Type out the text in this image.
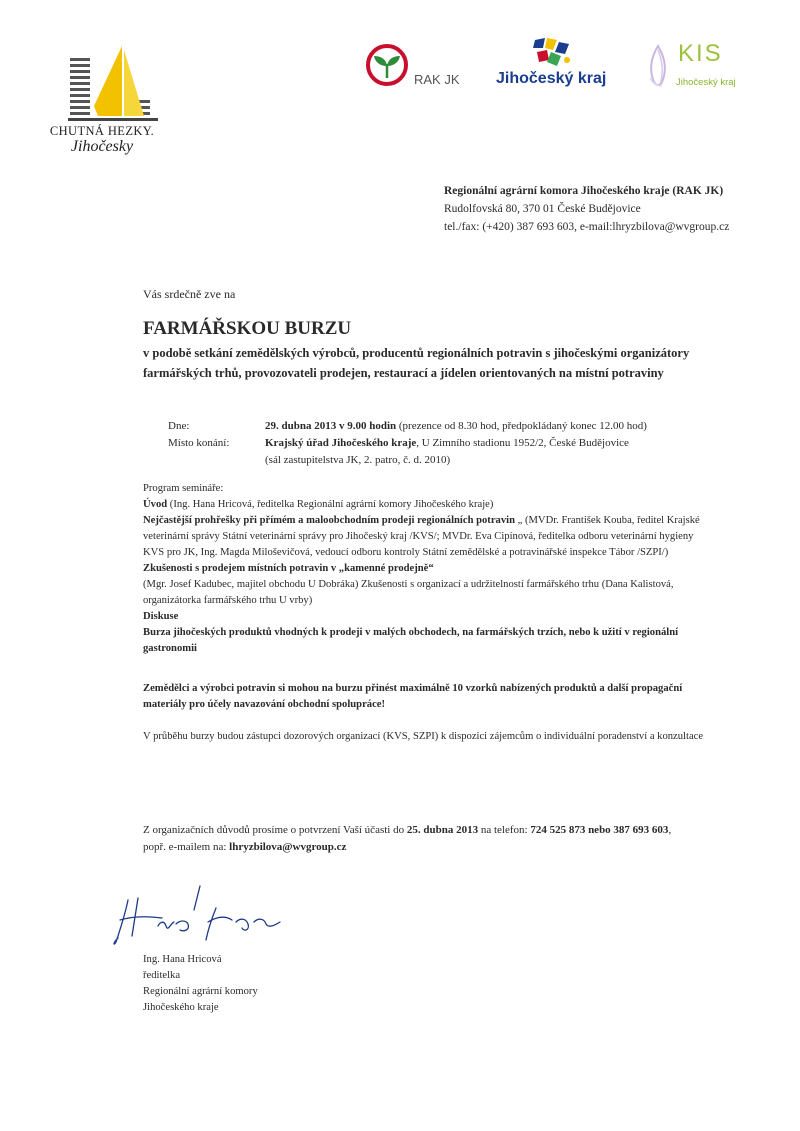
CHUTNÁ HEZKY.
Jihočesky
RAK JK Jihočeský kraj
KIS
Jihočeský kraj
Regionální agrární komora Jihočeského kraje (RAK JK)
Rudolfovská 80, 370 01 České Budějovice
tel./fax: (+420) 387 693 603, e-mail:lhryzbilova@wvgroup.cz
Vás srdečně zve na
FARMÁŘSKOU BURZU
v podobě setkání zemědělských výrobců, producentů regionálních potravin s jihočeskými organizátory
farmářských trhů, provozovateli prodejen, restaurací a jídelen orientovaných na místní potraviny
Dne:	29. dubna 2013 v 9.00 hodin (prezence od 8.30 hod, předpokládaný konec 12.00 hod)
Místo konání:	Krajský úřad Jihočeského kraje, U Zimního stadionu 1952/2, České Budějovice
(sál zastupitelstva JK, 2. patro, č. d. 2010)

Program semináře:

Úvod (Ing. Hana Hricová, ředitelka Regionální agrární komory Jihočeského kraje)

Nejčastější prohřešky při přímém a maloobchodním prodeji regionálních potravin „ (MVDr. František Kouba, ředitel Krajské

veterinární správy Státní veterinární správy pro Jihočeský kraj /KVS/; MVDr. Eva Cipínová, ředitelka odboru veterinární hygieny

KVS pro JK, Ing. Magda Miloševičová, vedoucí odboru kontroly Státní zemědělské a potravinářské inspekce Tábor /SZPI/)

Zkušenosti s prodejem místních potravin v „kamenné prodejně“

(Mgr. Josef Kadubec, majitel obchodu U Dobráka) Zkušenosti s organizací a udržitelností farmářského trhu (Dana Kalistová,

organizátorka farmářského trhu U vrby)

Diskuse

Burza jihočeských produktů vhodných k prodeji v malých obchodech, na farmářských trzích, nebo k užití v regionální

gastronomii

Zemědělci a výrobci potravin si mohou na burzu přinést maximálně 10 vzorků nabízených produktů a další propagační

materiály pro účely navazování obchodní spolupráce!

V průběhu burzy budou zástupci dozorových organizací (KVS, SZPI) k dispozici zájemcům o individuální poradenství a konzultace

Z organizačních důvodů prosíme o potvrzení Vaší účasti do 25. dubna 2013 na telefon: 724 525 873 nebo 387 693 603,
popř. e-mailem na: lhryzbilova@wvgroup.cz
Ing. Hana Hricová
ředitelka
Regionální agrární komory
Jihočeského kraje
